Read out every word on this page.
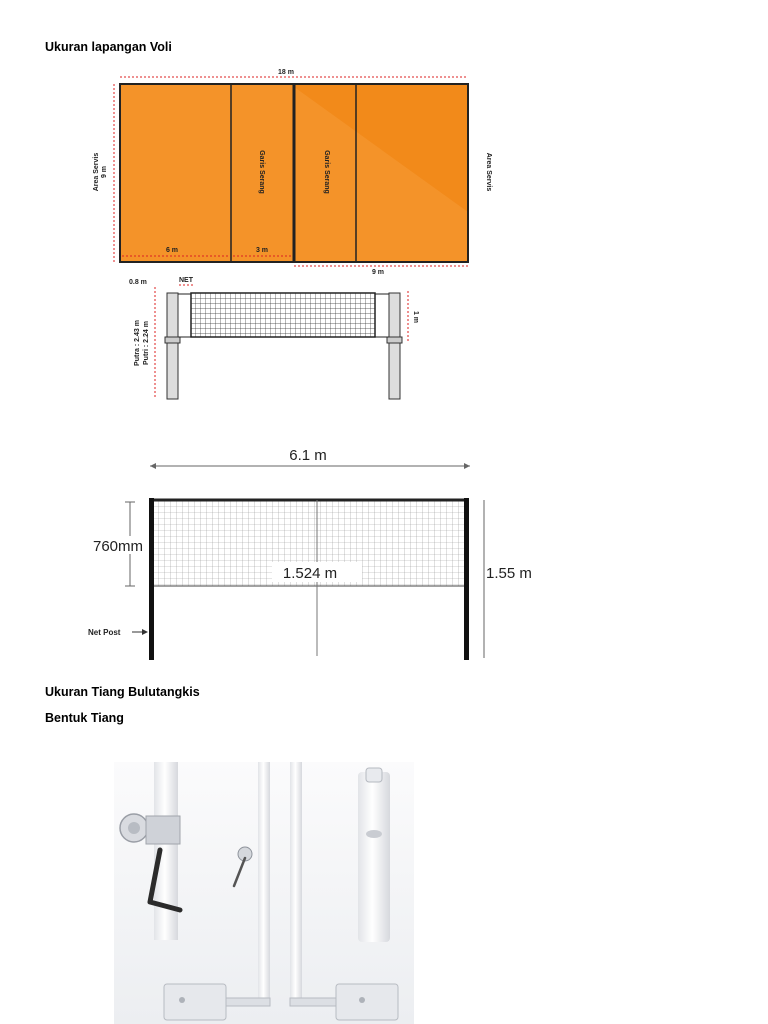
Ukuran lapangan Voli
18 m
Area Servis 9 m	Garis Serang	Garis Serang	Area Servis
6 m	3 m
9 m
0.8 m	NET
Putra : 2.43 m Putri : 2.24 m
1 m
6.1 m
1.524 m
760mm
1.55 m
Net Post
Ukuran Tiang Bulutangkis
Bentuk Tiang
